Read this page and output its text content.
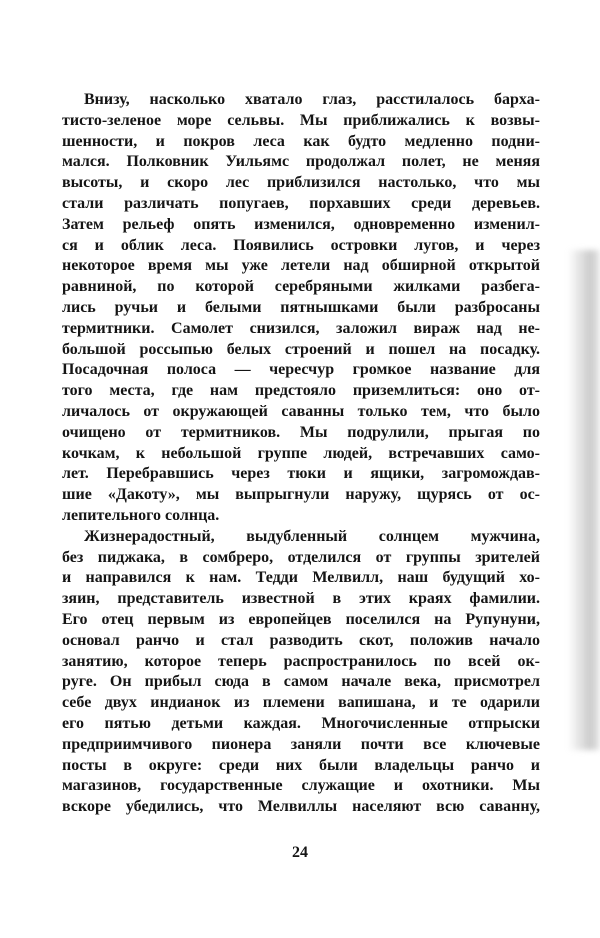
Внизу, насколько хватало глаз, расстилалось барха-
тисто-зеленое море сельвы. Мы приближались к возвы-
шенности, и покров леса как будто медленно подни-
мался. Полковник Уильямс продолжал полет, не меняя
высоты, и скоро лес приблизился настолько, что мы
стали различать попугаев, порхавших среди деревьев.
Затем рельеф опять изменился, одновременно изменил-
ся и облик леса. Появились островки лугов, и через
некоторое время мы уже летели над обширной открытой
равниной, по которой серебряными жилками разбега-
лись ручьи и белыми пятнышками были разбросаны
термитники. Самолет снизился, заложил вираж над не-
большой россыпью белых строений и пошел на посадку.
Посадочная полоса — чересчур громкое название для
того места, где нам предстояло приземлиться: оно от-
личалось от окружающей саванны только тем, что было
очищено от термитников. Мы подрулили, прыгая по
кочкам, к небольшой группе людей, встречавших само-
лет. Перебравшись через тюки и ящики, загромождав-
шие «Дакоту», мы выпрыгнули наружу, щурясь от ос-
лепительного солнца.
Жизнерадостный, выдубленный солнцем мужчина,
без пиджака, в сомбреро, отделился от группы зрителей
и направился к нам. Тедди Мелвилл, наш будущий хо-
зяин, представитель известной в этих краях фамилии.
Его отец первым из европейцев поселился на Рупунуни,
основал ранчо и стал разводить скот, положив начало
занятию, которое теперь распространилось по всей ок-
руге. Он прибыл сюда в самом начале века, присмотрел
себе двух индианок из племени вапишана, и те одарили
его пятью детьми каждая. Многочисленные отпрыски
предприимчивого пионера заняли почти все ключевые
посты в округе: среди них были владельцы ранчо и
магазинов, государственные служащие и охотники. Мы
вскоре убедились, что Мелвиллы населяют всю саванну,
24
